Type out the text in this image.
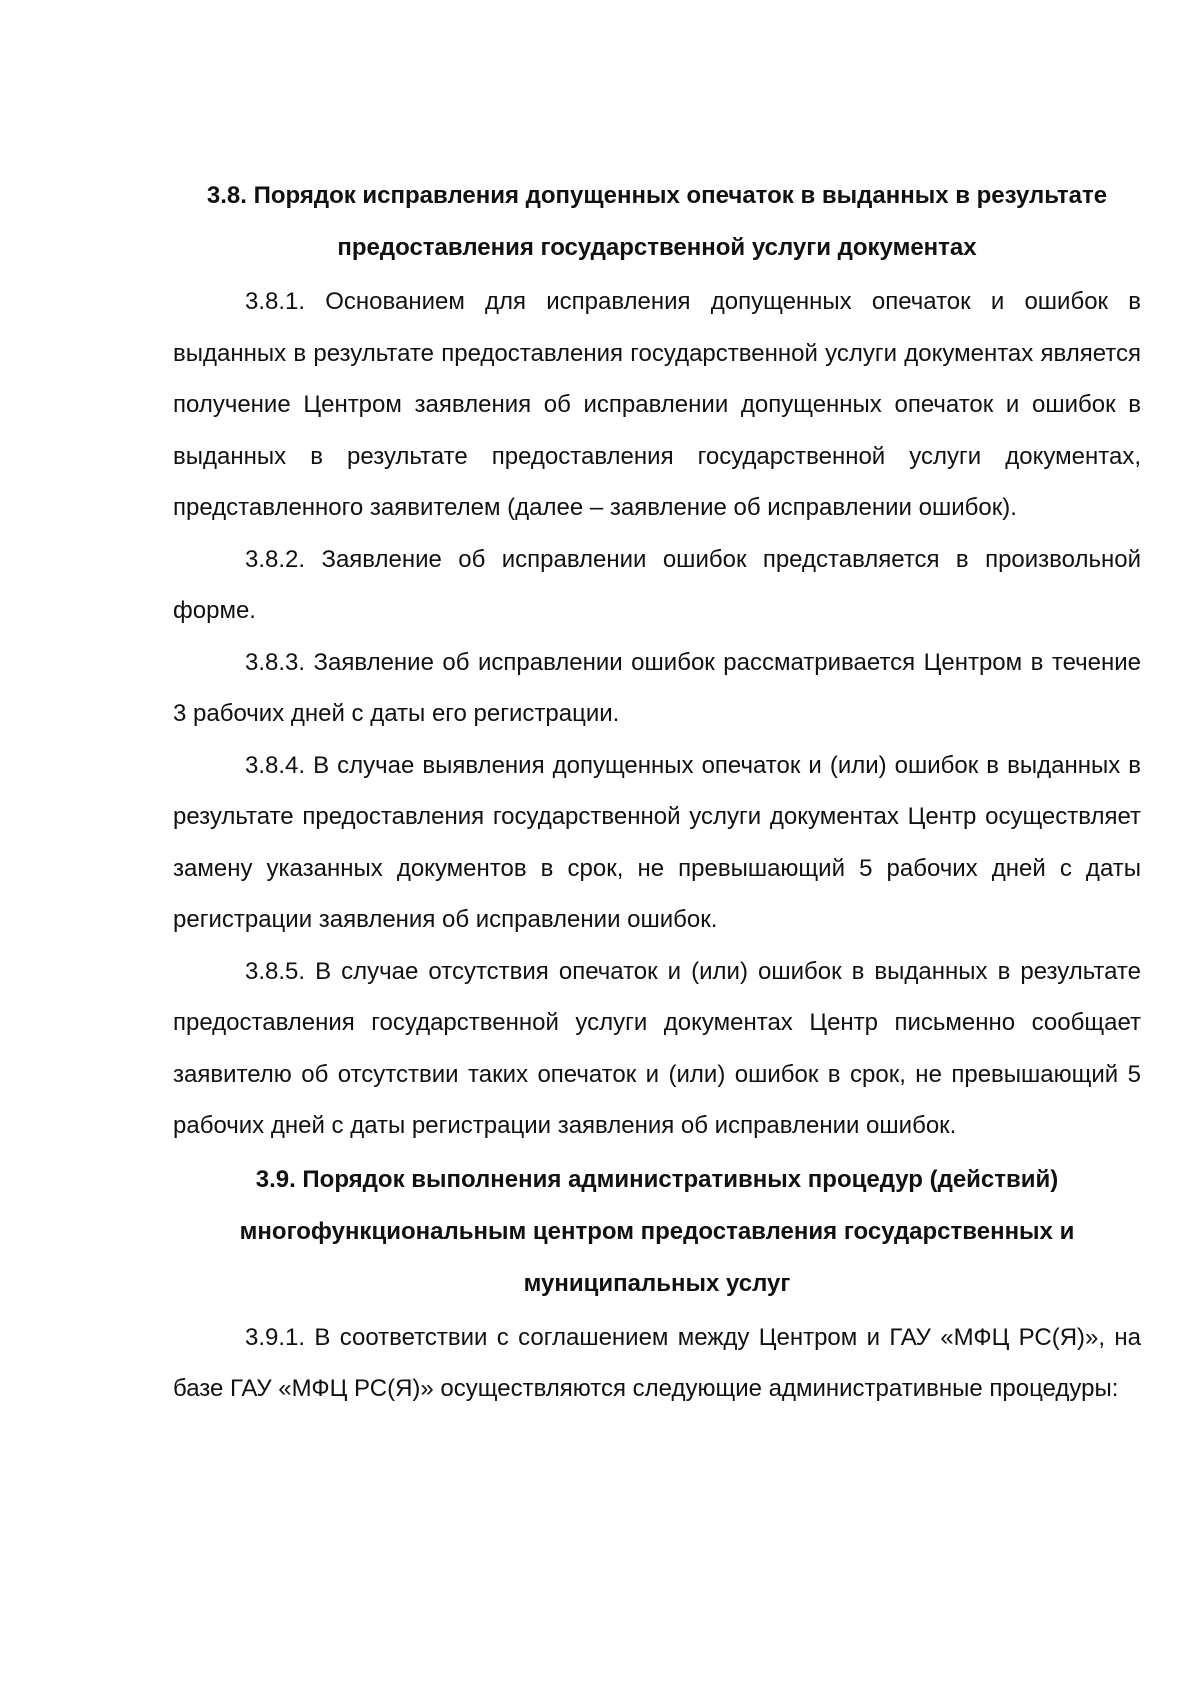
3.8. Порядок исправления допущенных опечаток в выданных в результате предоставления государственной услуги документах

3.8.1. Основанием для исправления допущенных опечаток и ошибок в выданных в результате предоставления государственной услуги документах является получение Центром заявления об исправлении допущенных опечаток и ошибок в выданных в результате предоставления государственной услуги документах, представленного заявителем (далее – заявление об исправлении ошибок).

3.8.2. Заявление об исправлении ошибок представляется в произвольной форме.

3.8.3. Заявление об исправлении ошибок рассматривается Центром в течение 3 рабочих дней с даты его регистрации.

3.8.4. В случае выявления допущенных опечаток и (или) ошибок в выданных в результате предоставления государственной услуги документах Центр осуществляет замену указанных документов в срок, не превышающий 5 рабочих дней с даты регистрации заявления об исправлении ошибок.

3.8.5. В случае отсутствия опечаток и (или) ошибок в выданных в результате предоставления государственной услуги документах Центр письменно сообщает заявителю об отсутствии таких опечаток и (или) ошибок в срок, не превышающий 5 рабочих дней с даты регистрации заявления об исправлении ошибок.

3.9. Порядок выполнения административных процедур (действий) многофункциональным центром предоставления государственных и муниципальных услуг

3.9.1. В соответствии с соглашением между Центром и ГАУ «МФЦ РС(Я)», на базе ГАУ «МФЦ РС(Я)» осуществляются следующие административные процедуры:
